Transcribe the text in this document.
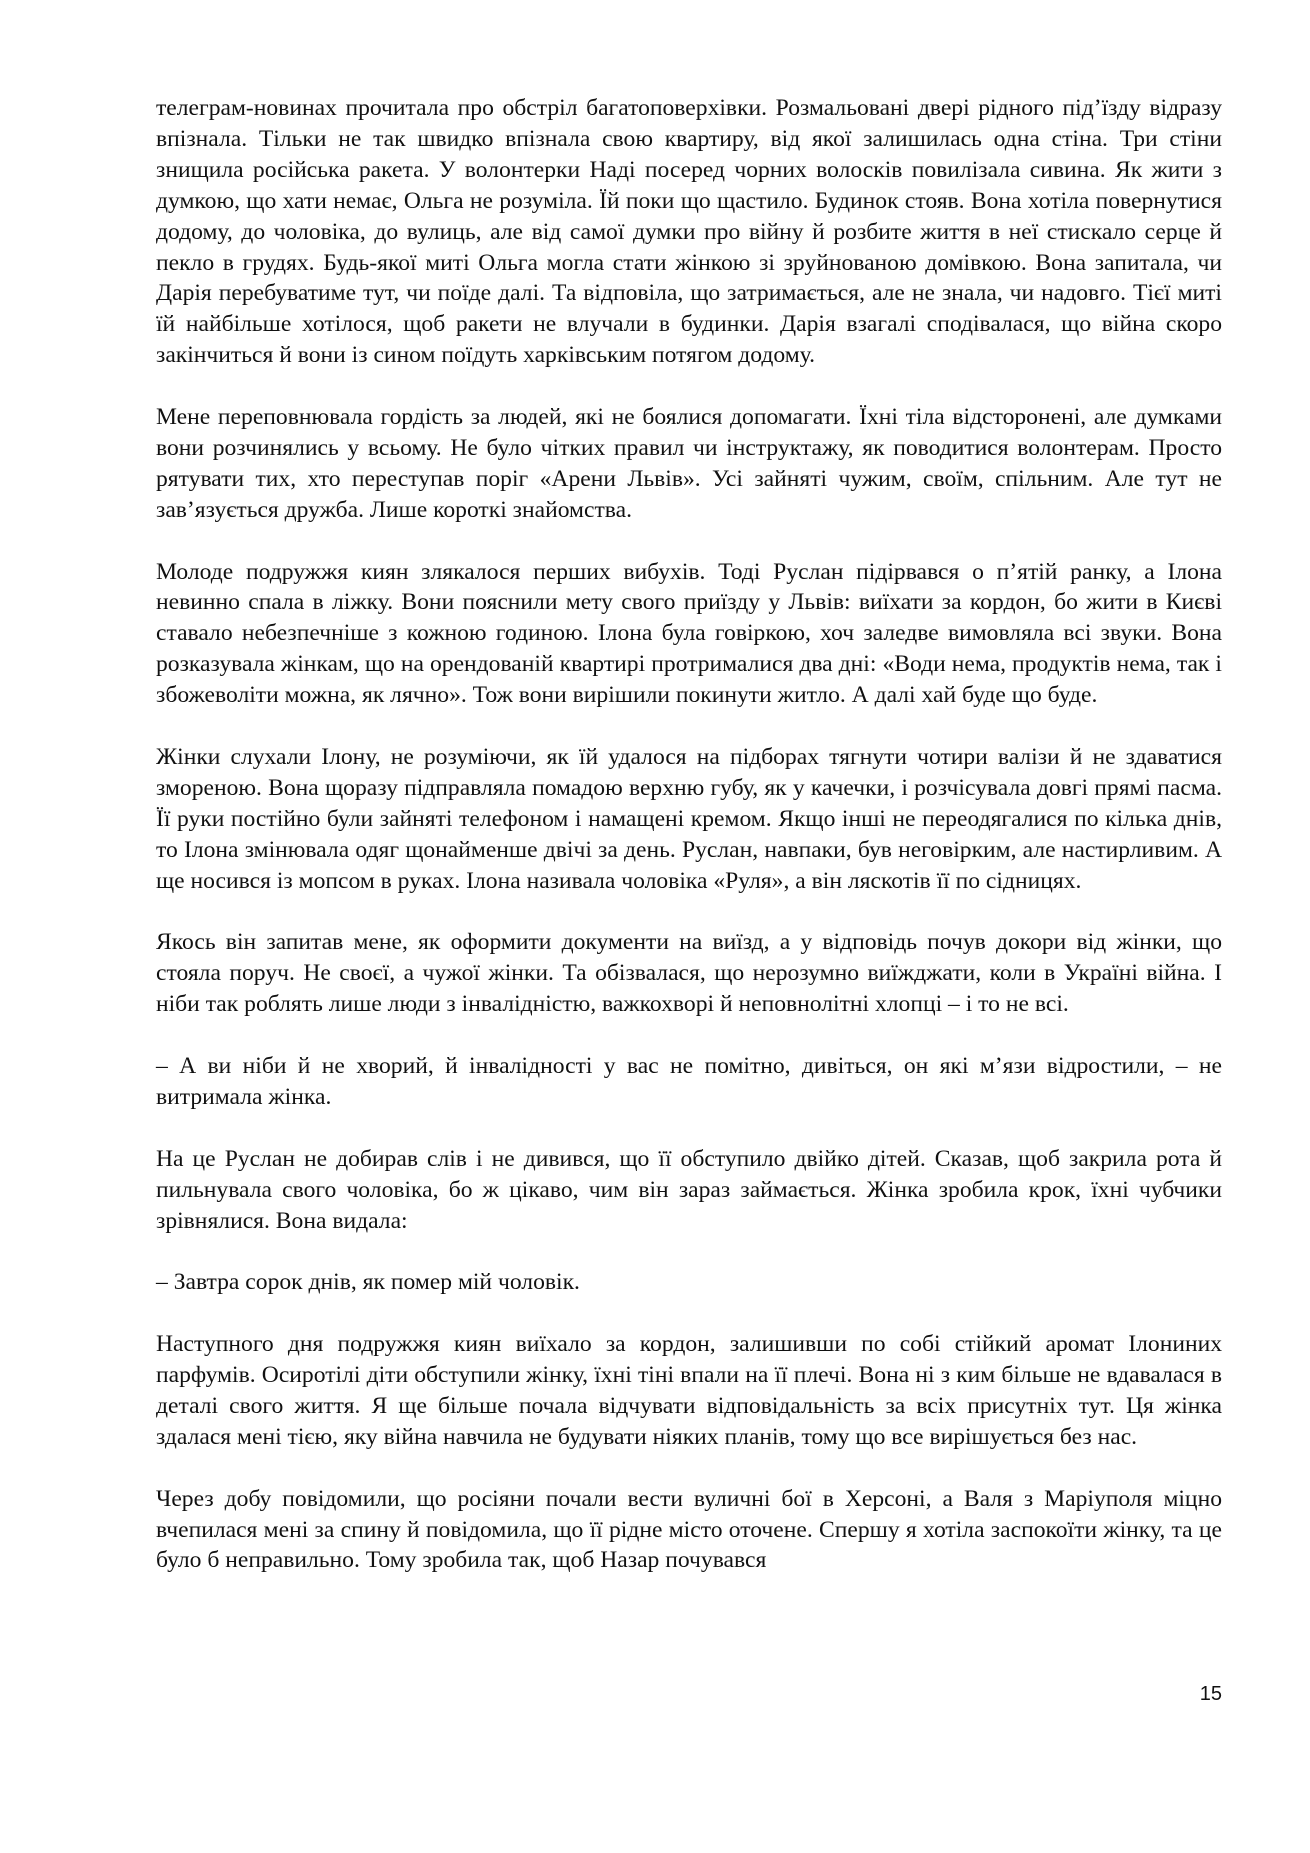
телеграм-новинах прочитала про обстріл багатоповерхівки. Розмальовані двері рідного під’їзду відразу впізнала. Тільки не так швидко впізнала свою квартиру, від якої залишилась одна стіна. Три стіни знищила російська ракета. У волонтерки Наді посеред чорних волосків повилізала сивина. Як жити з думкою, що хати немає, Ольга не розуміла. Їй поки що щастило. Будинок стояв. Вона хотіла повернутися додому, до чоловіка, до вулиць, але від самої думки про війну й розбите життя в неї стискало серце й пекло в грудях. Будь-якої миті Ольга могла стати жінкою зі зруйнованою домівкою. Вона запитала, чи Дарія перебуватиме тут, чи поїде далі. Та відповіла, що затримається, але не знала, чи надовго. Тієї миті їй найбільше хотілося, щоб ракети не влучали в будинки. Дарія взагалі сподівалася, що війна скоро закінчиться й вони із сином поїдуть харківським потягом додому.

Мене переповнювала гордість за людей, які не боялися допомагати. Їхні тіла відсторонені, але думками вони розчинялись у всьому. Не було чітких правил чи інструктажу, як поводитися волонтерам. Просто рятувати тих, хто переступав поріг «Арени Львів». Усі зайняті чужим, своїм, спільним. Але тут не зав’язується дружба. Лише короткі знайомства.

Молоде подружжя киян злякалося перших вибухів. Тоді Руслан підірвався о п’ятій ранку, а Ілона невинно спала в ліжку. Вони пояснили мету свого приїзду у Львів: виїхати за кордон, бо жити в Києві ставало небезпечніше з кожною годиною. Ілона була говіркою, хоч заледве вимовляла всі звуки. Вона розказувала жінкам, що на орендованій квартирі протрималися два дні: «Води нема, продуктів нема, так і збожеволіти можна, як лячно». Тож вони вирішили покинути житло. А далі хай буде що буде.

Жінки слухали Ілону, не розуміючи, як їй удалося на підборах тягнути чотири валізи й не здаватися змореною. Вона щоразу підправляла помадою верхню губу, як у качечки, і розчісувала довгі прямі пасма. Її руки постійно були зайняті телефоном і намащені кремом. Якщо інші не переодягалися по кілька днів, то Ілона змінювала одяг щонайменше двічі за день. Руслан, навпаки, був неговірким, але настирливим. А ще носився із мопсом в руках. Ілона називала чоловіка «Руля», а він ляскотів її по сідницях.

Якось він запитав мене, як оформити документи на виїзд, а у відповідь почув докори від жінки, що стояла поруч. Не своєї, а чужої жінки. Та обізвалася, що нерозумно виїжджати, коли в Україні війна. І ніби так роблять лише люди з інвалідністю, важкохворі й неповнолітні хлопці – і то не всі.

– А ви ніби й не хворий, й інвалідності у вас не помітно, дивіться, он які м’язи відростили, – не витримала жінка.

На це Руслан не добирав слів і не дивився, що її обступило двійко дітей. Сказав, щоб закрила рота й пильнувала свого чоловіка, бо ж цікаво, чим він зараз займається. Жінка зробила крок, їхні чубчики зрівнялися. Вона видала:

– Завтра сорок днів, як помер мій чоловік.

Наступного дня подружжя киян виїхало за кордон, залишивши по собі стійкий аромат Ілониних парфумів. Осиротілі діти обступили жінку, їхні тіні впали на її плечі. Вона ні з ким більше не вдавалася в деталі свого життя. Я ще більше почала відчувати відповідальність за всіх присутніх тут. Ця жінка здалася мені тією, яку війна навчила не будувати ніяких планів, тому що все вирішується без нас.

Через добу повідомили, що росіяни почали вести вуличні бої в Херсоні, а Валя з Маріуполя міцно вчепилася мені за спину й повідомила, що її рідне місто оточене. Спершу я хотіла заспокоїти жінку, та це було б неправильно. Тому зробила так, щоб Назар почувався

15
